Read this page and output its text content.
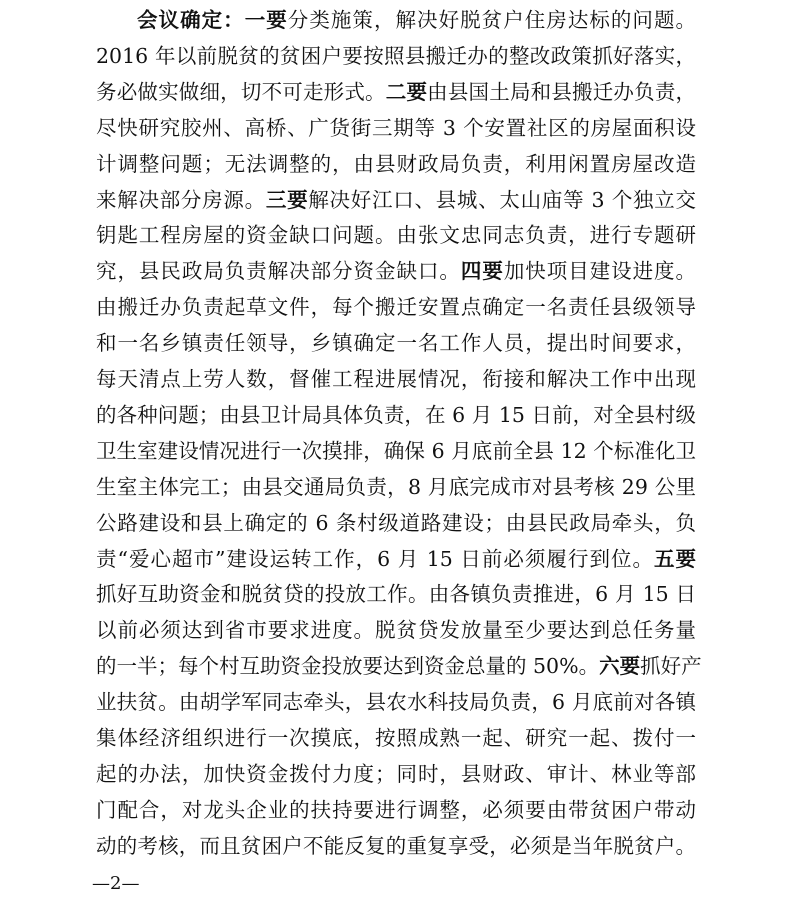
会议确定：一要分类施策，解决好脱贫户住房达标的问题。
2016 年以前脱贫的贫困户要按照县搬迁办的整改政策抓好落实，
务必做实做细，切不可走形式。二要由县国土局和县搬迁办负责，
尽快研究胶州、高桥、广货街三期等 3 个安置社区的房屋面积设
计调整问题；无法调整的，由县财政局负责，利用闲置房屋改造
来解决部分房源。三要解决好江口、县城、太山庙等 3 个独立交
钥匙工程房屋的资金缺口问题。由张文忠同志负责，进行专题研
究，县民政局负责解决部分资金缺口。四要加快项目建设进度。
由搬迁办负责起草文件，每个搬迁安置点确定一名责任县级领导
和一名乡镇责任领导，乡镇确定一名工作人员，提出时间要求，
每天清点上劳人数，督催工程进展情况，衔接和解决工作中出现
的各种问题；由县卫计局具体负责，在 6 月 15 日前，对全县村级
卫生室建设情况进行一次摸排，确保 6 月底前全县 12 个标准化卫
生室主体完工；由县交通局负责，8 月底完成市对县考核 29 公里
公路建设和县上确定的 6 条村级道路建设；由县民政局牵头，负
责“爱心超市”建设运转工作，6 月 15 日前必须履行到位。五要
抓好互助资金和脱贫贷的投放工作。由各镇负责推进，6 月 15 日
以前必须达到省市要求进度。脱贫贷发放量至少要达到总任务量
的一半；每个村互助资金投放要达到资金总量的 50%。六要抓好产
业扶贫。由胡学军同志牵头，县农水科技局负责，6 月底前对各镇
集体经济组织进行一次摸底，按照成熟一起、研究一起、拨付一
起的办法，加快资金拨付力度；同时，县财政、审计、林业等部
门配合，对龙头企业的扶持要进行调整，必须要由带贫困户带动
动的考核，而且贫困户不能反复的重复享受，必须是当年脱贫户。
—2—
